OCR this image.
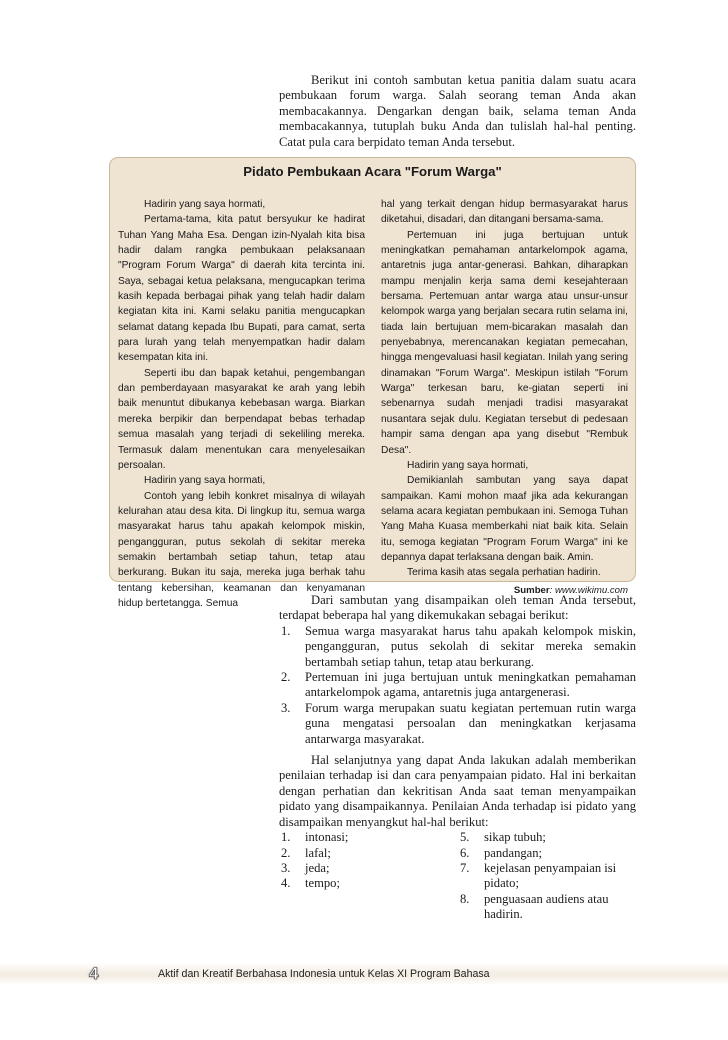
Berikut ini contoh sambutan ketua panitia dalam suatu acara pembukaan forum warga. Salah seorang teman Anda akan membacakannya. Dengarkan dengan baik, selama teman Anda membacakannya, tutuplah buku Anda dan tulislah hal-hal penting. Catat pula cara berpidato teman Anda tersebut.

Pidato Pembukaan Acara "Forum Warga"

Hadirin yang saya hormati,

Pertama-tama, kita patut bersyukur ke hadirat Tuhan Yang Maha Esa. Dengan izin-Nyalah kita bisa hadir dalam rangka pembukaan pelaksanaan "Program Forum Warga" di daerah kita tercinta ini. Saya, sebagai ketua pelaksana, mengucapkan terima kasih kepada berbagai pihak yang telah hadir dalam kegiatan kita ini. Kami selaku panitia mengucapkan selamat datang kepada Ibu Bupati, para camat, serta para lurah yang telah menyempatkan hadir dalam kesempatan kita ini.

Seperti ibu dan bapak ketahui, pengembangan dan pemberdayaan masyarakat ke arah yang lebih baik menuntut dibukanya kebebasan warga. Biarkan mereka berpikir dan berpendapat bebas terhadap semua masalah yang terjadi di sekeliling mereka. Termasuk dalam menentukan cara menyelesaikan persoalan.

Hadirin yang saya hormati,

Contoh yang lebih konkret misalnya di wilayah kelurahan atau desa kita. Di lingkup itu, semua warga masyarakat harus tahu apakah kelompok miskin, pengangguran, putus sekolah di sekitar mereka semakin bertambah setiap tahun, tetap atau berkurang. Bukan itu saja, mereka juga berhak tahu tentang kebersihan, keamanan dan kenyamanan hidup bertetangga. Semua

hal yang terkait dengan hidup bermasyarakat harus diketahui, disadari, dan ditangani bersama-sama.

Pertemuan ini juga bertujuan untuk meningkatkan pemahaman antarkelompok agama, antaretnis juga antar-generasi. Bahkan, diharapkan mampu menjalin kerja sama demi kesejahteraan bersama. Pertemuan antar warga atau unsur-unsur kelompok warga yang berjalan secara rutin selama ini, tiada lain bertujuan mem-bicarakan masalah dan penyebabnya, merencanakan kegiatan pemecahan, hingga mengevaluasi hasil kegiatan. Inilah yang sering dinamakan "Forum Warga". Meskipun istilah "Forum Warga" terkesan baru, ke-giatan seperti ini sebenarnya sudah menjadi tradisi masyarakat nusantara sejak dulu. Kegiatan tersebut di pedesaan hampir sama dengan apa yang disebut "Rembuk Desa".

Hadirin yang saya hormati,

Demikianlah sambutan yang saya dapat sampaikan. Kami mohon maaf jika ada kekurangan selama acara kegiatan pembukaan ini. Semoga Tuhan Yang Maha Kuasa memberkahi niat baik kita. Selain itu, semoga kegiatan "Program Forum Warga" ini ke depannya dapat terlaksana dengan baik. Amin.

Terima kasih atas segala perhatian hadirin.

Sumber: www.wikimu.com

Dari sambutan yang disampaikan oleh teman Anda tersebut, terdapat beberapa hal yang dikemukakan sebagai berikut:

1. Semua warga masyarakat harus tahu apakah kelompok miskin, pengangguran, putus sekolah di sekitar mereka semakin bertambah setiap tahun, tetap atau berkurang.
2. Pertemuan ini juga bertujuan untuk meningkatkan pemahaman antarkelompok agama, antaretnis juga antargenerasi.
3. Forum warga merupakan suatu kegiatan pertemuan rutin warga guna mengatasi persoalan dan meningkatkan kerjasama antarwarga masyarakat.

Hal selanjutnya yang dapat Anda lakukan adalah memberikan penilaian terhadap isi dan cara penyampaian pidato. Hal ini berkaitan dengan perhatian dan kekritisan Anda saat teman menyampaikan pidato yang disampaikannya. Penilaian Anda terhadap isi pidato yang disampaikan menyangkut hal-hal berikut:

1. intonasi;
2. lafal;
3. jeda;
4. tempo;
5. sikap tubuh;
6. pandangan;
7. kejelasan penyampaian isi pidato;
8. penguasaan audiens atau hadirin.
4	Aktif dan Kreatif Berbahasa Indonesia untuk Kelas XI Program Bahasa
